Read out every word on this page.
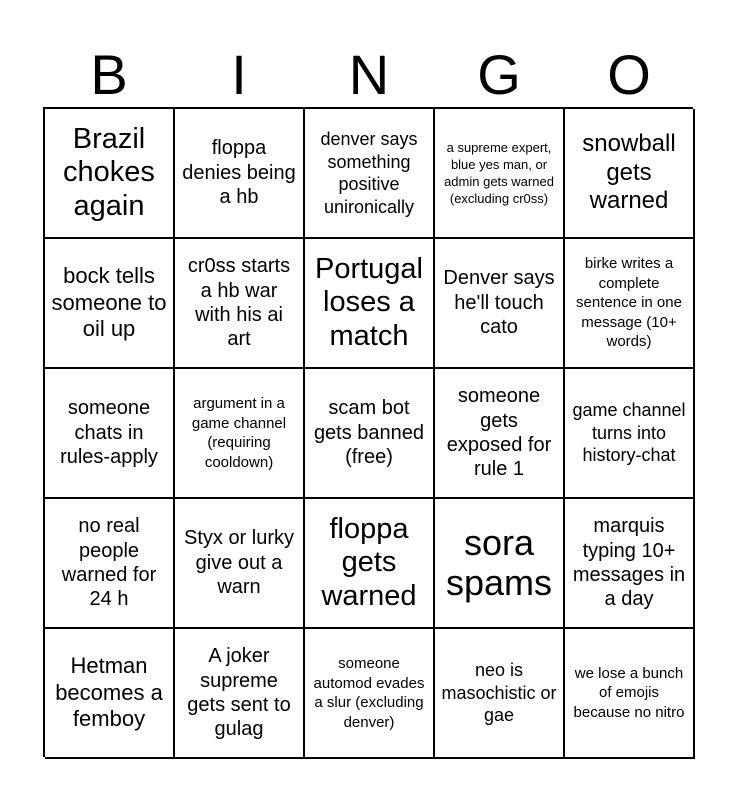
B	I	N	G	O
Brazil chokes again
floppa denies being a hb
denver says something positive unironically
a supreme expert, blue yes man, or admin gets warned (excluding cr0ss)
snowball gets warned
bock tells someone to oil up
cr0ss starts a hb war with his ai art
Portugal loses a match
Denver says he'll touch cato
birke writes a complete sentence in one message (10+ words)
someone chats in rules-apply
argument in a game channel (requiring cooldown)
scam bot gets banned (free)
someone gets exposed for rule 1
game channel turns into history-chat
no real people warned for 24 h
Styx or lurky give out a warn
floppa gets warned
sora spams
marquis typing 10+ messages in a day
Hetman becomes a femboy
A joker supreme gets sent to gulag
someone automod evades a slur (excluding denver)
neo is masochistic or gae
we lose a bunch of emojis because no nitro
